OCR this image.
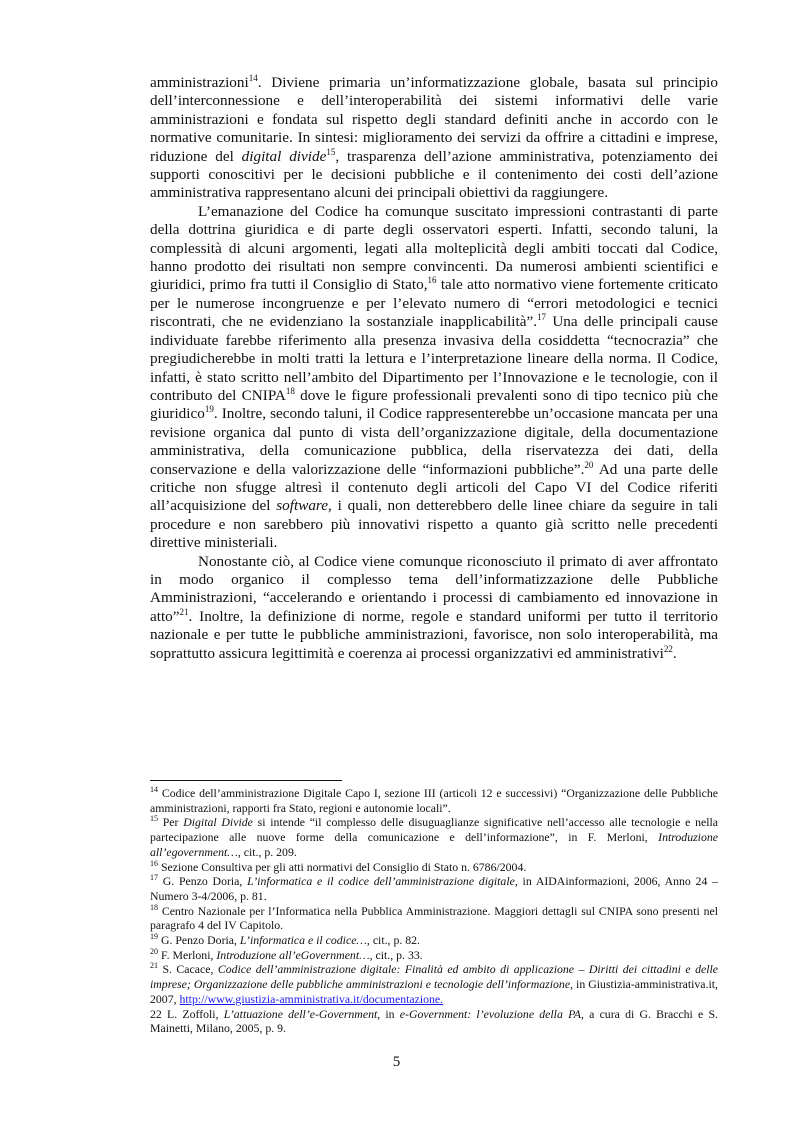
amministrazioni$^{14}$. Diviene primaria un’informatizzazione globale, basata sul principio dell’interconnessione e dell’interoperabilità dei sistemi informativi delle varie amministrazioni e fondata sul rispetto degli standard definiti anche in accordo con le normative comunitarie. In sintesi: miglioramento dei servizi da offrire a cittadini e imprese, riduzione del digital divide$^{15}$, trasparenza dell’azione amministrativa, potenziamento dei supporti conoscitivi per le decisioni pubbliche e il contenimento dei costi dell’azione amministrativa rappresentano alcuni dei principali obiettivi da raggiungere.

L’emanazione del Codice ha comunque suscitato impressioni contrastanti di parte della dottrina giuridica e di parte degli osservatori esperti. Infatti, secondo taluni, la complessità di alcuni argomenti, legati alla molteplicità degli ambiti toccati dal Codice, hanno prodotto dei risultati non sempre convincenti. Da numerosi ambienti scientifici e giuridici, primo fra tutti il Consiglio di Stato,$^{16}$ tale atto normativo viene fortemente criticato per le numerose incongruenze e per l’elevato numero di “errori metodologici e tecnici riscontrati, che ne evidenziano la sostanziale inapplicabilità”.$^{17}$ Una delle principali cause individuate farebbe riferimento alla presenza invasiva della cosiddetta “tecnocrazia” che pregiudicherebbe in molti tratti la lettura e l’interpretazione lineare della norma. Il Codice, infatti, è stato scritto nell’ambito del Dipartimento per l’Innovazione e le tecnologie, con il contributo del CNIPA$^{18}$ dove le figure professionali prevalenti sono di tipo tecnico più che giuridico$^{19}$. Inoltre, secondo taluni, il Codice rappresenterebbe un’occasione mancata per una revisione organica dal punto di vista dell’organizzazione digitale, della documentazione amministrativa, della comunicazione pubblica, della riservatezza dei dati, della conservazione e della valorizzazione delle “informazioni pubbliche”.$^{20}$ Ad una parte delle critiche non sfugge altresì il contenuto degli articoli del Capo VI del Codice riferiti all’acquisizione del software, i quali, non detterebbero delle linee chiare da seguire in tali procedure e non sarebbero più innovativi rispetto a quanto già scritto nelle precedenti direttive ministeriali.

Nonostante ciò, al Codice viene comunque riconosciuto il primato di aver affrontato in modo organico il complesso tema dell’informatizzazione delle Pubbliche Amministrazioni, “accelerando e orientando i processi di cambiamento ed innovazione in atto”$^{21}$. Inoltre, la definizione di norme, regole e standard uniformi per tutto il territorio nazionale e per tutte le pubbliche amministrazioni, favorisce, non solo interoperabilità, ma soprattutto assicura legittimità e coerenza ai processi organizzativi ed amministrativi$^{22}$.

$^{14}$ Codice dell’amministrazione Digitale Capo I, sezione III (articoli 12 e successivi) “Organizzazione delle Pubbliche amministrazioni, rapporti fra Stato, regioni e autonomie locali”.

$^{15}$ Per Digital Divide si intende “il complesso delle disuguaglianze significative nell’accesso alle tecnologie e nella partecipazione alle nuove forme della comunicazione e dell’informazione”, in F. Merloni, Introduzione all’egovernment…, cit., p. 209.

$^{16}$ Sezione Consultiva per gli atti normativi del Consiglio di Stato n. 6786/2004.

$^{17}$ G. Penzo Doria, L’informatica e il codice dell’amministrazione digitale, in AIDAinformazioni, 2006, Anno 24 – Numero 3-4/2006, p. 81.

$^{18}$ Centro Nazionale per l’Informatica nella Pubblica Amministrazione. Maggiori dettagli sul CNIPA sono presenti nel paragrafo 4 del IV Capitolo.

$^{19}$ G. Penzo Doria, L’informatica e il codice…, cit., p. 82.

$^{20}$ F. Merloni, Introduzione all’eGovernment…, cit., p. 33.

$^{21}$ S. Cacace, Codice dell’amministrazione digitale: Finalità ed ambito di applicazione – Diritti dei cittadini e delle imprese; Organizzazione delle pubbliche amministrazioni e tecnologie dell’informazione, in Giustizia-amministrativa.it, 2007, http://www.giustizia-amministrativa.it/documentazione.

22 L. Zoffoli, L’attuazione dell’e-Government, in e-Government: l’evoluzione della PA, a cura di G. Bracchi e S. Mainetti, Milano, 2005, p. 9.

5
